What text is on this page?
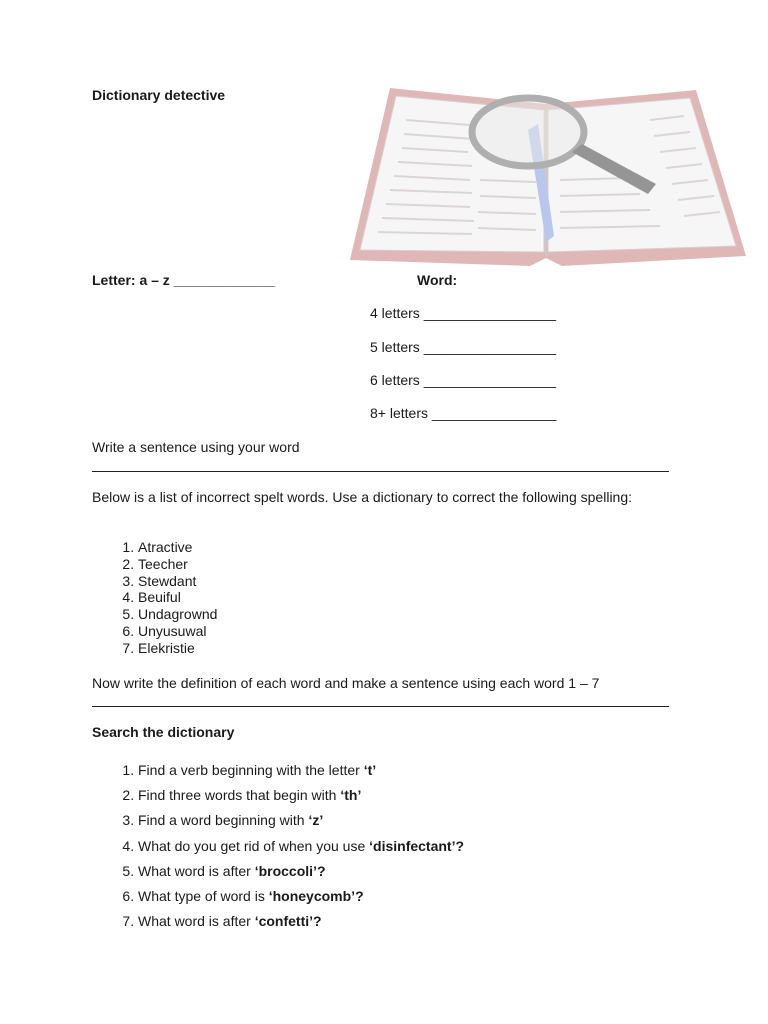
Dictionary detective
Letter: a – z _____________	Word:
4 letters _________________
5 letters _________________
6 letters _________________
8+ letters ________________
Write a sentence using your word
Below is a list of incorrect spelt words. Use a dictionary to correct the following spelling:
1. Atractive
2. Teecher
3. Stewdant
4. Beuiful
5. Undagrownd
6. Unyusuwal
7. Elekristie
Now write the definition of each word and make a sentence using each word 1 – 7
Search the dictionary
1. Find a verb beginning with the letter ‘t’
2. Find three words that begin with ‘th’
3. Find a word beginning with ‘z’
4. What do you get rid of when you use ‘disinfectant’?
5. What word is after ‘broccoli’?
6. What type of word is ‘honeycomb’?
7. What word is after ‘confetti’?
